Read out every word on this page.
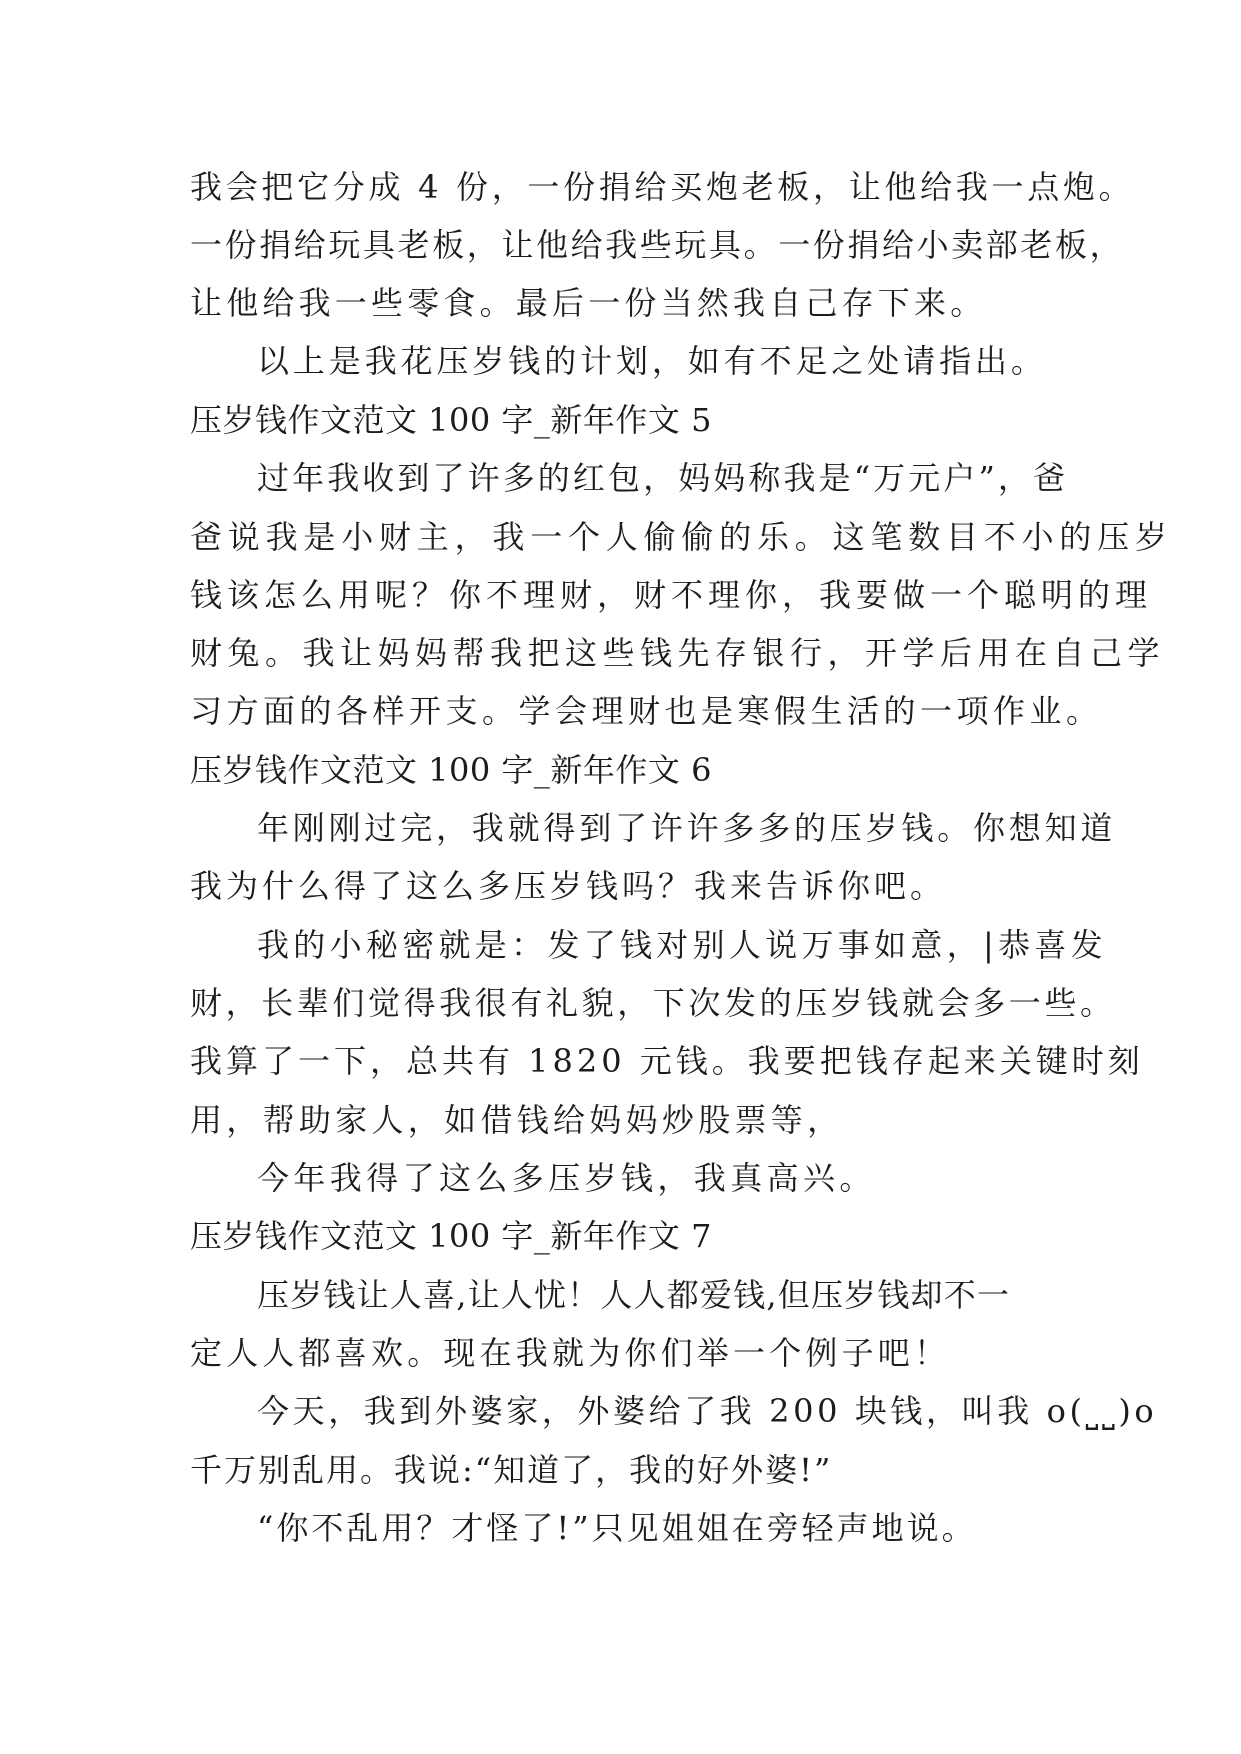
我会把它分成 4 份，一份捐给买炮老板，让他给我一点炮。
一份捐给玩具老板，让他给我些玩具。一份捐给小卖部老板，
让他给我一些零食。最后一份当然我自己存下来。
以上是我花压岁钱的计划，如有不足之处请指出。
压岁钱作文范文 100 字_新年作文 5
过年我收到了许多的红包，妈妈称我是“万元户”，爸
爸说我是小财主，我一个人偷偷的乐。这笔数目不小的压岁
钱该怎么用呢？你不理财，财不理你，我要做一个聪明的理
财兔。我让妈妈帮我把这些钱先存银行，开学后用在自己学
习方面的各样开支。学会理财也是寒假生活的一项作业。
压岁钱作文范文 100 字_新年作文 6
年刚刚过完，我就得到了许许多多的压岁钱。你想知道
我为什么得了这么多压岁钱吗？我来告诉你吧。
我的小秘密就是：发了钱对别人说万事如意，|恭喜发
财，长辈们觉得我很有礼貌，下次发的压岁钱就会多一些。
我算了一下，总共有 1820 元钱。我要把钱存起来关键时刻
用，帮助家人，如借钱给妈妈炒股票等，
今年我得了这么多压岁钱，我真高兴。
压岁钱作文范文 100 字_新年作文 7
压岁钱让人喜,让人忧！人人都爱钱,但压岁钱却不一
定人人都喜欢。现在我就为你们举一个例子吧！
今天，我到外婆家，外婆给了我 200 块钱，叫我 o(⎵⎵)o
千万别乱用。我说:“知道了，我的好外婆!”
“你不乱用？才怪了!”只见姐姐在旁轻声地说。
